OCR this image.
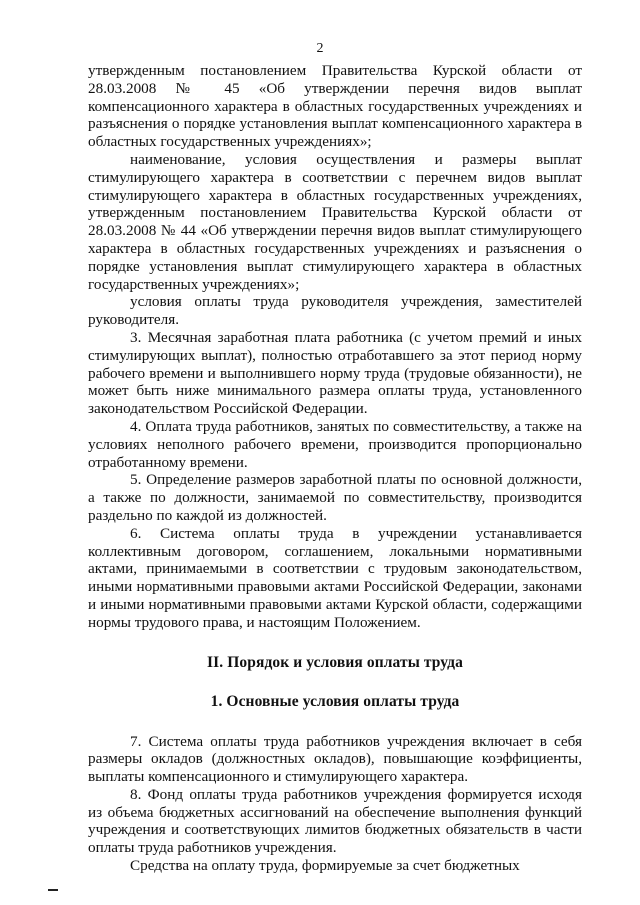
2

утвержденным постановлением Правительства Курской области от 28.03.2008 № 45 «Об утверждении перечня видов выплат компенсационного характера в областных государственных учреждениях и разъяснения о порядке установления выплат компенсационного характера в областных государственных учреждениях»;

наименование, условия осуществления и размеры выплат стимулирующего характера в соответствии с перечнем видов выплат стимулирующего характера в областных государственных учреждениях, утвержденным постановлением Правительства Курской области от 28.03.2008 № 44 «Об утверждении перечня видов выплат стимулирующего характера в областных государственных учреждениях и разъяснения о порядке установления выплат стимулирующего характера в областных государственных учреждениях»;

условия оплаты труда руководителя учреждения, заместителей руководителя.

3. Месячная заработная плата работника (с учетом премий и иных стимулирующих выплат), полностью отработавшего за этот период норму рабочего времени и выполнившего норму труда (трудовые обязанности), не может быть ниже минимального размера оплаты труда, установленного законодательством Российской Федерации.

4. Оплата труда работников, занятых по совместительству, а также на условиях неполного рабочего времени, производится пропорционально отработанному времени.

5. Определение размеров заработной платы по основной должности, а также по должности, занимаемой по совместительству, производится раздельно по каждой из должностей.

6. Система оплаты труда в учреждении устанавливается коллективным договором, соглашением, локальными нормативными актами, принимаемыми в соответствии с трудовым законодательством, иными нормативными правовыми актами Российской Федерации, законами и иными нормативными правовыми актами Курской области, содержащими нормы трудового права, и настоящим Положением.

II. Порядок и условия оплаты труда
1. Основные условия оплаты труда

7. Система оплаты труда работников учреждения включает в себя размеры окладов (должностных окладов), повышающие коэффициенты, выплаты компенсационного и стимулирующего характера.

8. Фонд оплаты труда работников учреждения формируется исходя из объема бюджетных ассигнований на обеспечение выполнения функций учреждения и соответствующих лимитов бюджетных обязательств в части оплаты труда работников учреждения.

Средства на оплату труда, формируемые за счет бюджетных
